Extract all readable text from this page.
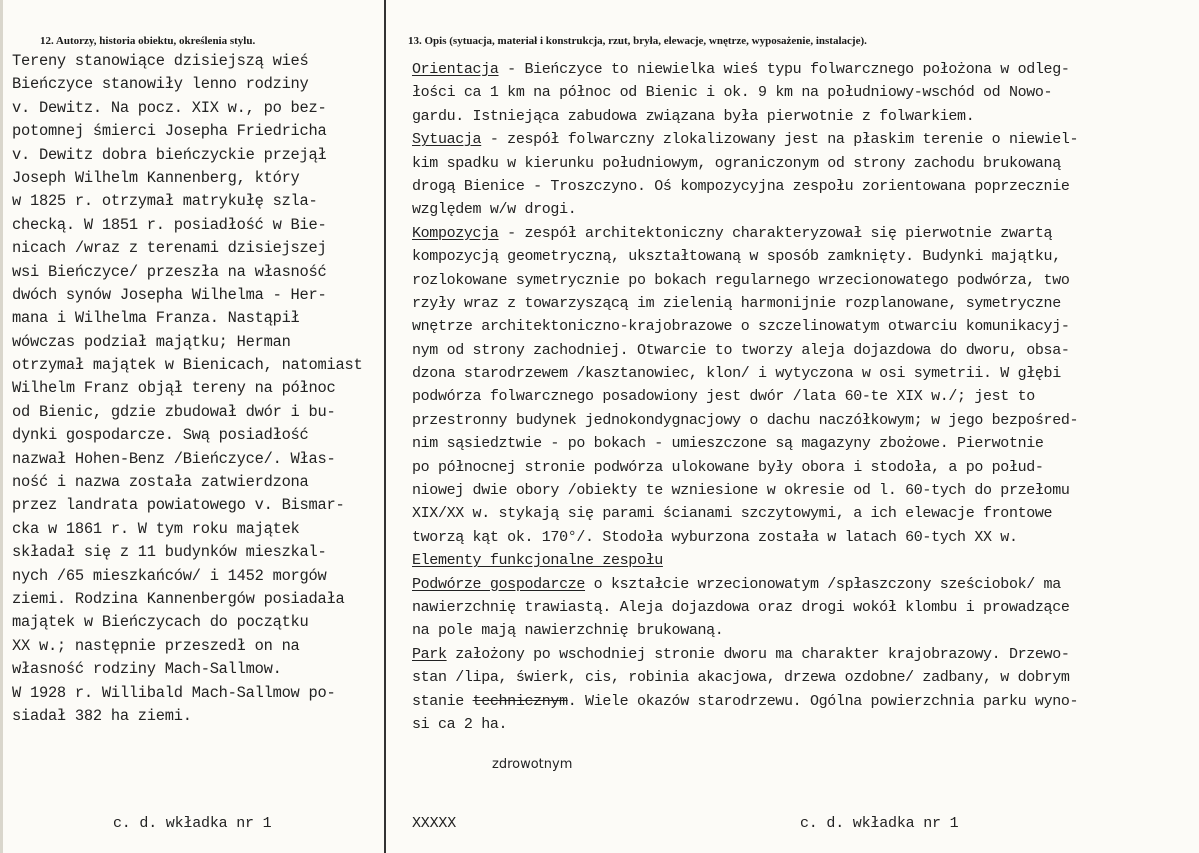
12. Autorzy, historia obiektu, określenia stylu.	13. Opis (sytuacja, materiał i konstrukcja, rzut, bryła, elewacje, wnętrze, wyposażenie, instalacje).
Tereny stanowiące dzisiejszą wieś
Bieńczyce stanowiły lenno rodziny
v. Dewitz. Na pocz. XIX w., po bez-
potomnej śmierci Josepha Friedricha
v. Dewitz dobra bieńczyckie przejął
Joseph Wilhelm Kannenberg, który
w 1825 r. otrzymał matrykułę szla-
checką. W 1851 r. posiadłość w Bie-
nicach /wraz z terenami dzisiejszej
wsi Bieńczyce/ przeszła na własność
dwóch synów Josepha Wilhelma - Her-
mana i Wilhelma Franza. Nastąpił
wówczas podział majątku; Herman
otrzymał majątek w Bienicach, natomiast
Wilhelm Franz objął tereny na północ
od Bienic, gdzie zbudował dwór i bu-
dynki gospodarcze. Swą posiadłość
nazwał Hohen-Benz /Bieńczyce/. Włas-
ność i nazwa została zatwierdzona
przez landrata powiatowego v. Bismar-
cka w 1861 r. W tym roku majątek
składał się z 11 budynków mieszkal-
nych /65 mieszkańców/ i 1452 morgów
ziemi. Rodzina Kannenbergów posiadała
majątek w Bieńczycach do początku
XX w.; następnie przeszedł on na
własność rodziny Mach-Sallmow.
W 1928 r. Willibald Mach-Sallmow po-
siadał 382 ha ziemi.
Orientacja - Bieńczyce to niewielka wieś typu folwarcznego położona w odleg-
łości ca 1 km na północ od Bienic i ok. 9 km na południowy-wschód od Nowo-
gardu. Istniejąca zabudowa związana była pierwotnie z folwarkiem.
Sytuacja - zespół folwarczny zlokalizowany jest na płaskim terenie o niewiel-
kim spadku w kierunku południowym, ograniczonym od strony zachodu brukowaną
drogą Bienice - Troszczyno. Oś kompozycyjna zespołu zorientowana poprzecznie
względem w/w drogi.
Kompozycja - zespół architektoniczny charakteryzował się pierwotnie zwartą
kompozycją geometryczną, ukształtowaną w sposób zamknięty. Budynki majątku,
rozlokowane symetrycznie po bokach regularnego wrzecionowatego podwórza, two
rzyły wraz z towarzyszącą im zielenią harmonijnie rozplanowane, symetryczne
wnętrze architektoniczno-krajobrazowe o szczelinowatym otwarciu komunikacyj-
nym od strony zachodniej. Otwarcie to tworzy aleja dojazdowa do dworu, obsa-
dzona starodrzewem /kasztanowiec, klon/ i wytyczona w osi symetrii. W głębi
podwórza folwarcznego posadowiony jest dwór /lata 60-te XIX w./; jest to
przestronny budynek jednokondygnacjowy o dachu naczółkowym; w jego bezpośred-
nim sąsiedztwie - po bokach - umieszczone są magazyny zbożowe. Pierwotnie
po północnej stronie podwórza ulokowane były obora i stodoła, a po połud-
niowej dwie obory /obiekty te wzniesione w okresie od l. 60-tych do przełomu
XIX/XX w. stykają się parami ścianami szczytowymi, a ich elewacje frontowe
tworzą kąt ok. 170°/. Stodoła wyburzona została w latach 60-tych XX w.
Elementy funkcjonalne zespołu
Podwórze gospodarcze o kształcie wrzecionowatym /spłaszczony sześciobok/ ma
nawierzchnię trawiastą. Aleja dojazdowa oraz drogi wokół klombu i prowadzące
na pole mają nawierzchnię brukowaną.
Park założony po wschodniej stronie dworu ma charakter krajobrazowy. Drzewo-
stan /lipa, świerk, cis, robinia akacjowa, drzewa ozdobne/ zadbany, w dobrym
stanie technicznym. Wiele okazów starodrzewu. Ogólna powierzchnia parku wyno-
si ca 2 ha.
zdrowotnym
c. d. wkładka nr 1	XXXXX	c. d. wkładka nr 1
